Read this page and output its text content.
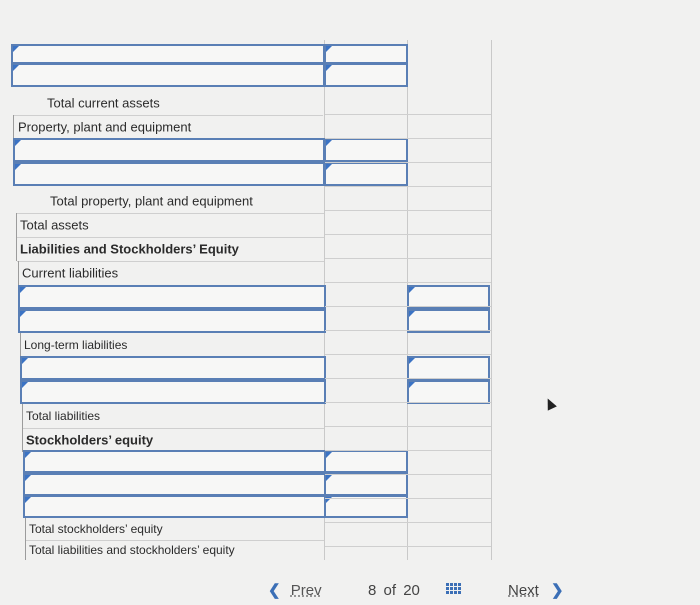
Total current assets
Property, plant and equipment
Total property, plant and equipment
Total assets
Liabilities and Stockholders’ Equity
Current liabilities
Long-term liabilities
Total liabilities
Stockholders’ equity
Total stockholders’ equity
Total liabilities and stockholders’ equity
❮ Prev	8 of 20	Next ❯
